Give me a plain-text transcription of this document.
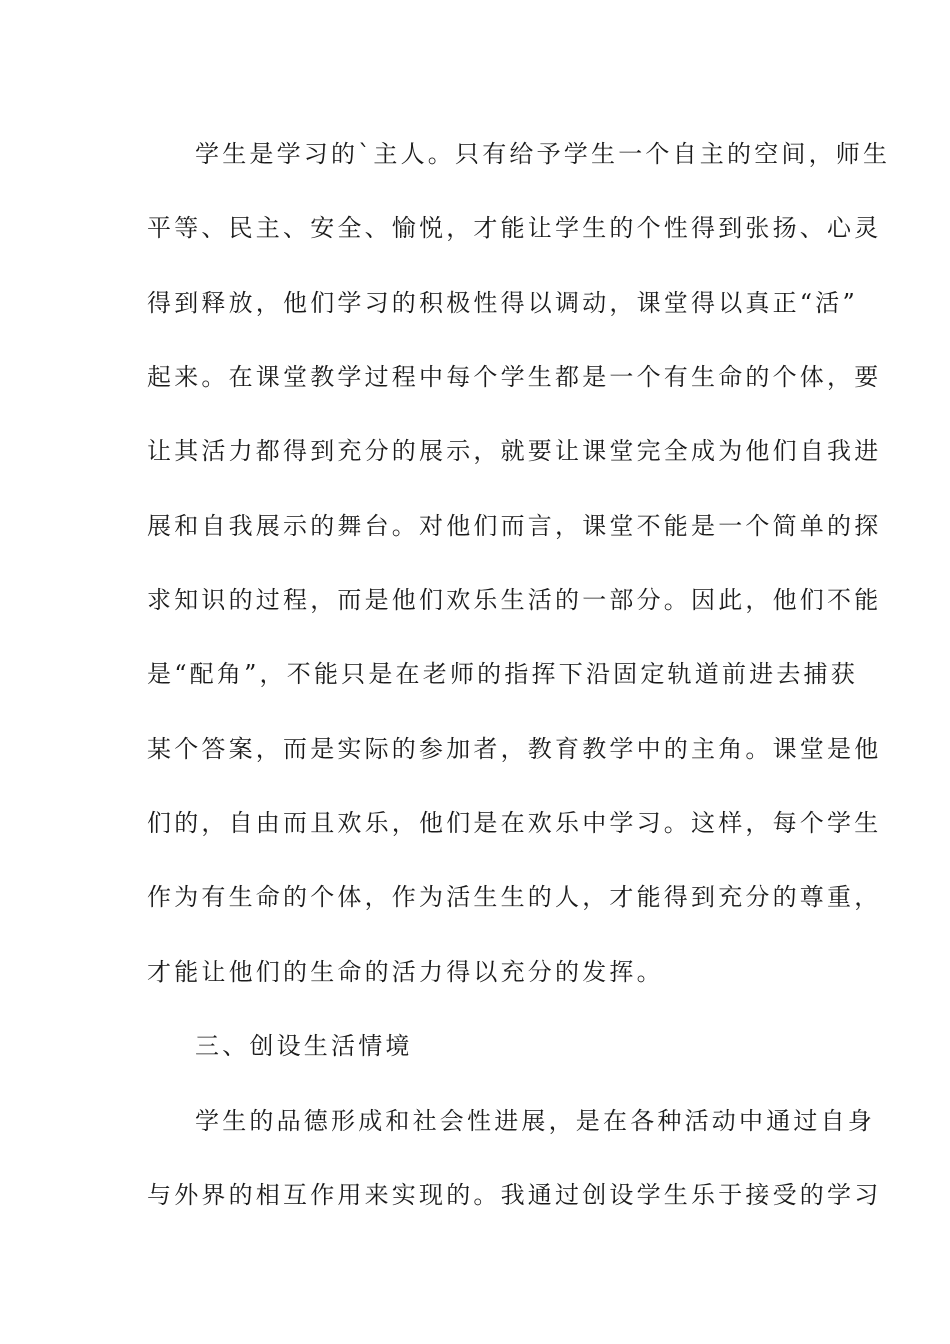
学生是学习的`主人。只有给予学生一个自主的空间，师生
平等、民主、安全、愉悦，才能让学生的个性得到张扬、心灵
得到释放，他们学习的积极性得以调动，课堂得以真正“活”
起来。在课堂教学过程中每个学生都是一个有生命的个体，要
让其活力都得到充分的展示，就要让课堂完全成为他们自我进
展和自我展示的舞台。对他们而言，课堂不能是一个简单的探
求知识的过程，而是他们欢乐生活的一部分。因此，他们不能
是“配角”，不能只是在老师的指挥下沿固定轨道前进去捕获
某个答案，而是实际的参加者，教育教学中的主角。课堂是他
们的，自由而且欢乐，他们是在欢乐中学习。这样，每个学生
作为有生命的个体，作为活生生的人，才能得到充分的尊重，
才能让他们的生命的活力得以充分的发挥。
三、创设生活情境
学生的品德形成和社会性进展，是在各种活动中通过自身
与外界的相互作用来实现的。我通过创设学生乐于接受的学习
